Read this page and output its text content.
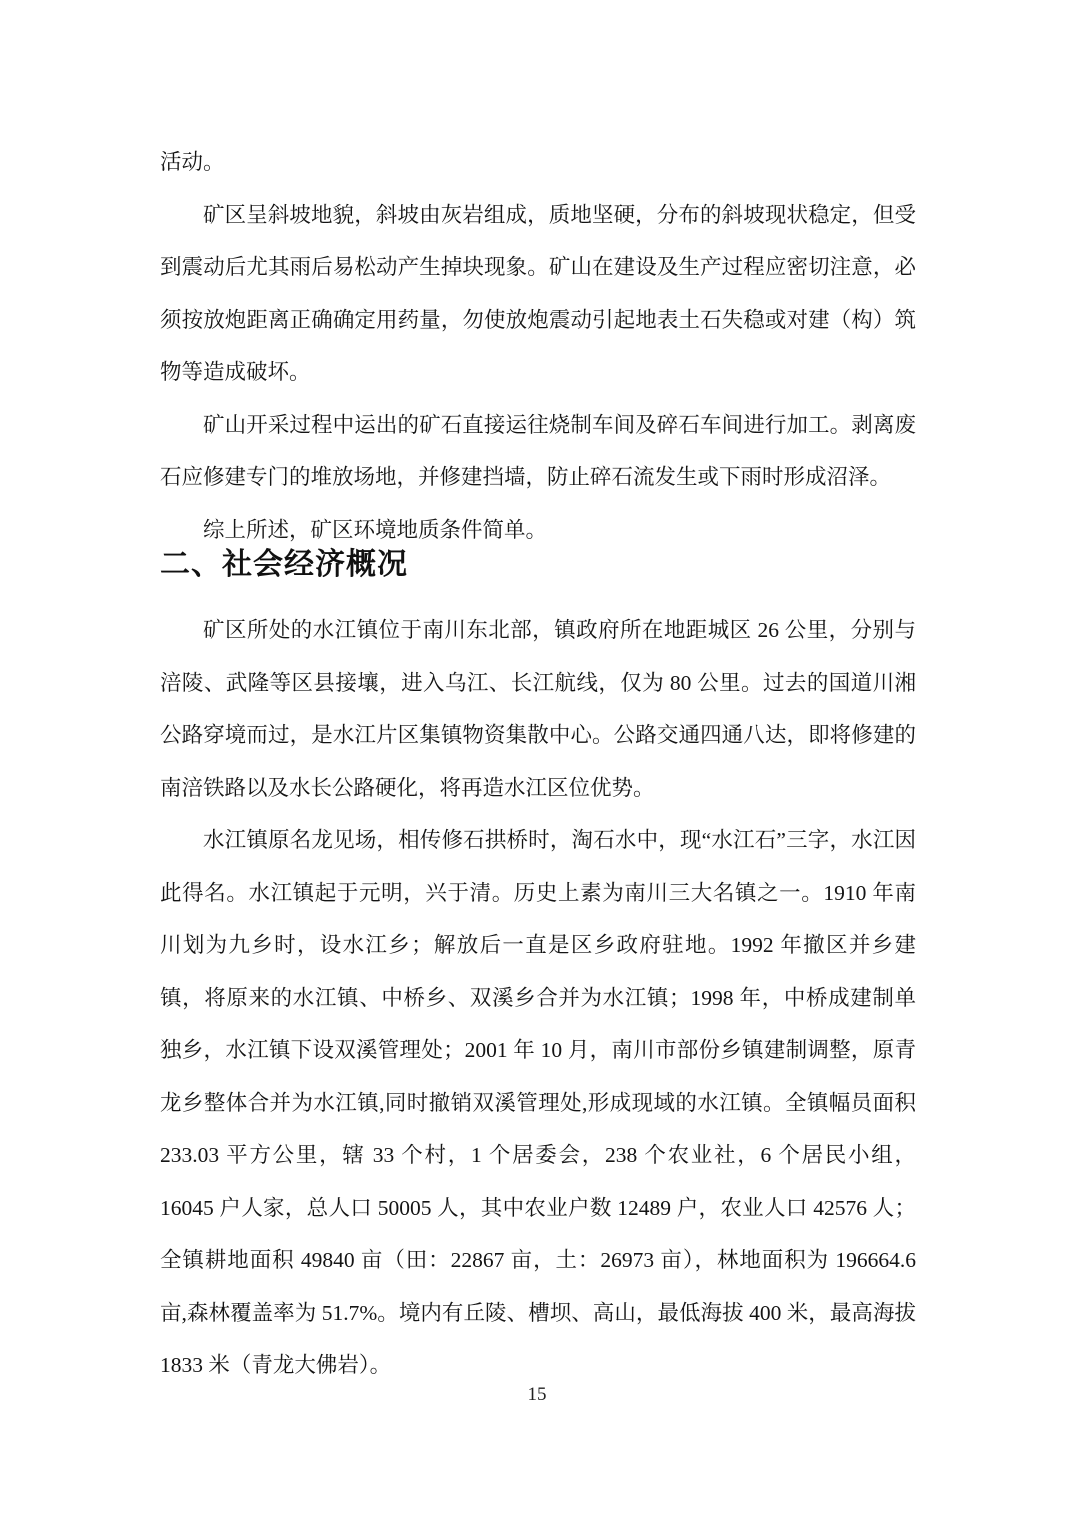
活动。

矿区呈斜坡地貌，斜坡由灰岩组成，质地坚硬，分布的斜坡现状稳定，但受到震动后尤其雨后易松动产生掉块现象。矿山在建设及生产过程应密切注意，必须按放炮距离正确确定用药量，勿使放炮震动引起地表土石失稳或对建（构）筑物等造成破坏。

矿山开采过程中运出的矿石直接运往烧制车间及碎石车间进行加工。剥离废石应修建专门的堆放场地，并修建挡墙，防止碎石流发生或下雨时形成沼泽。

综上所述，矿区环境地质条件简单。

二、社会经济概况

矿区所处的水江镇位于南川东北部，镇政府所在地距城区 26 公里，分别与涪陵、武隆等区县接壤，进入乌江、长江航线，仅为 80 公里。过去的国道川湘公路穿境而过，是水江片区集镇物资集散中心。公路交通四通八达，即将修建的南涪铁路以及水长公路硬化，将再造水江区位优势。

水江镇原名龙见场，相传修石拱桥时，淘石水中，现“水江石”三字，水江因此得名。水江镇起于元明，兴于清。历史上素为南川三大名镇之一。1910 年南川划为九乡时，设水江乡；解放后一直是区乡政府驻地。1992 年撤区并乡建镇，将原来的水江镇、中桥乡、双溪乡合并为水江镇；1998 年，中桥成建制单独乡，水江镇下设双溪管理处；2001 年 10 月，南川市部份乡镇建制调整，原青龙乡整体合并为水江镇,同时撤销双溪管理处,形成现域的水江镇。全镇幅员面积 233.03 平方公里，辖 33 个村，1 个居委会，238 个农业社，6 个居民小组，16045 户人家，总人口 50005 人，其中农业户数 12489 户，农业人口 42576 人；全镇耕地面积 49840 亩（田：22867 亩，土：26973 亩），林地面积为 196664.6 亩,森林覆盖率为 51.7%。境内有丘陵、槽坝、高山，最低海拔 400 米，最高海拔 1833 米（青龙大佛岩）。

15
